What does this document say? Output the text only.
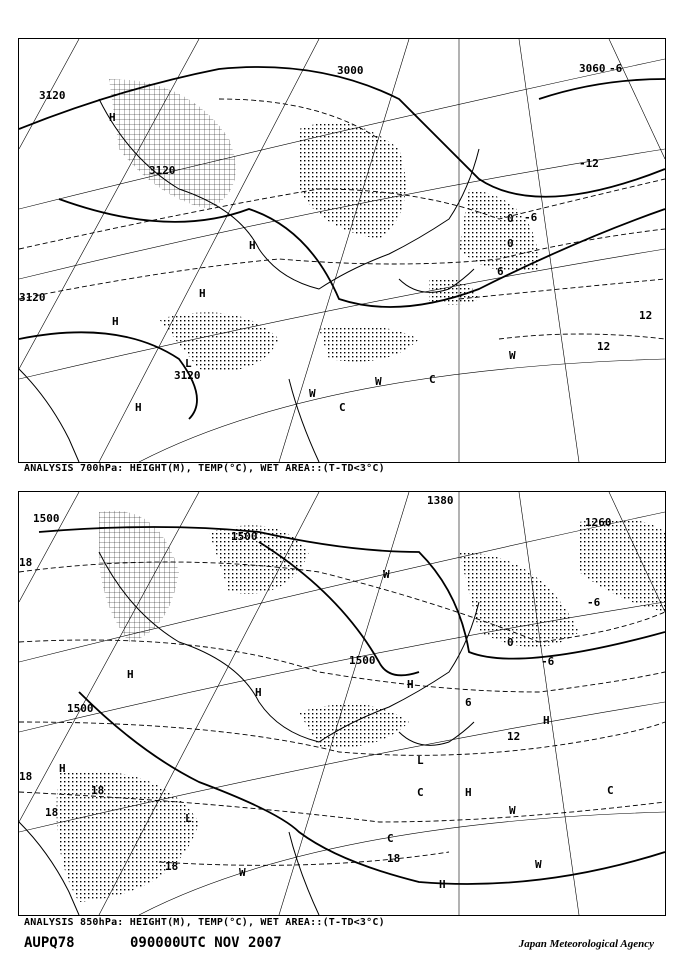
3120
3120
3120
3120
3000	3060
0
0 -6
-12
12
12
6
-6
H
H
H
H
L
W
W
W
C
C
H
ANALYSIS 700hPa: HEIGHT(M), TEMP(°C), WET AREA::(T-TD<3°C)
1500
1500
1500
1500
1380
1260
18
18
18
18
18
-6
-6
6
0
12
18
H
H
H
H
H
H
W
W
W
W
L
L
C
C
C
H
ANALYSIS 850hPa: HEIGHT(M), TEMP(°C), WET AREA::(T-TD<3°C)
AUPQ78	090000UTC NOV 2007	Japan Meteorological Agency
